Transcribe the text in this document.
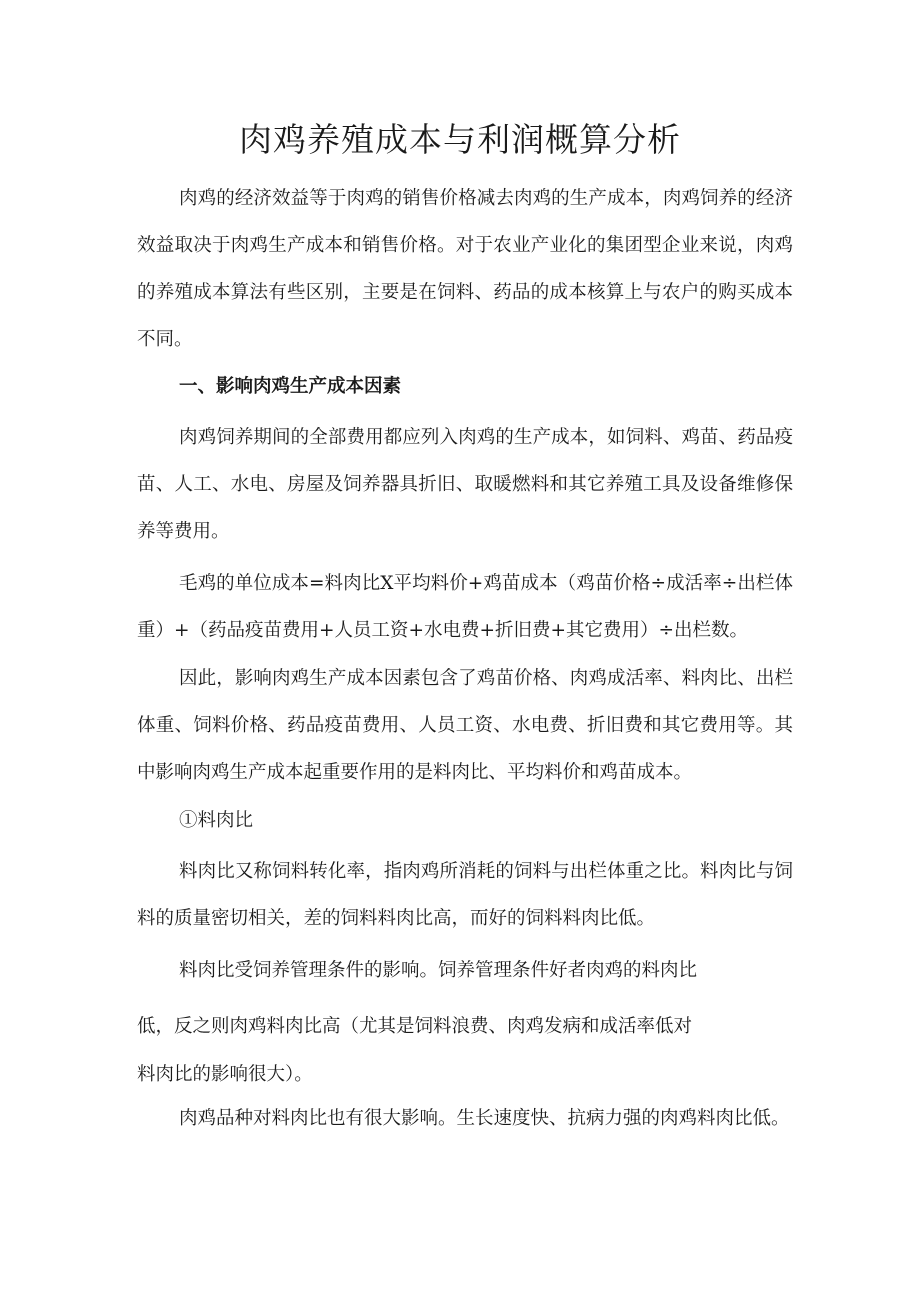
肉鸡养殖成本与利润概算分析

肉鸡的经济效益等于肉鸡的销售价格减去肉鸡的生产成本，肉鸡饲养的经济效益取决于肉鸡生产成本和销售价格。对于农业产业化的集团型企业来说，肉鸡的养殖成本算法有些区别，主要是在饲料、药品的成本核算上与农户的购买成本不同。

一、影响肉鸡生产成本因素

肉鸡饲养期间的全部费用都应列入肉鸡的生产成本，如饲料、鸡苗、药品疫苗、人工、水电、房屋及饲养器具折旧、取暖燃料和其它养殖工具及设备维修保养等费用。

毛鸡的单位成本=料肉比X平均料价+鸡苗成本（鸡苗价格÷成活率÷出栏体重）+（药品疫苗费用+人员工资+水电费+折旧费+其它费用）÷出栏数。

因此，影响肉鸡生产成本因素包含了鸡苗价格、肉鸡成活率、料肉比、出栏体重、饲料价格、药品疫苗费用、人员工资、水电费、折旧费和其它费用等。其中影响肉鸡生产成本起重要作用的是料肉比、平均料价和鸡苗成本。

①料肉比

料肉比又称饲料转化率，指肉鸡所消耗的饲料与出栏体重之比。料肉比与饲料的质量密切相关，差的饲料料肉比高，而好的饲料料肉比低。

料肉比受饲养管理条件的影响。饲养管理条件好者肉鸡的料肉比

低，反之则肉鸡料肉比高（尤其是饲料浪费、肉鸡发病和成活率低对

料肉比的影响很大）。

肉鸡品种对料肉比也有很大影响。生长速度快、抗病力强的肉鸡料肉比低。
